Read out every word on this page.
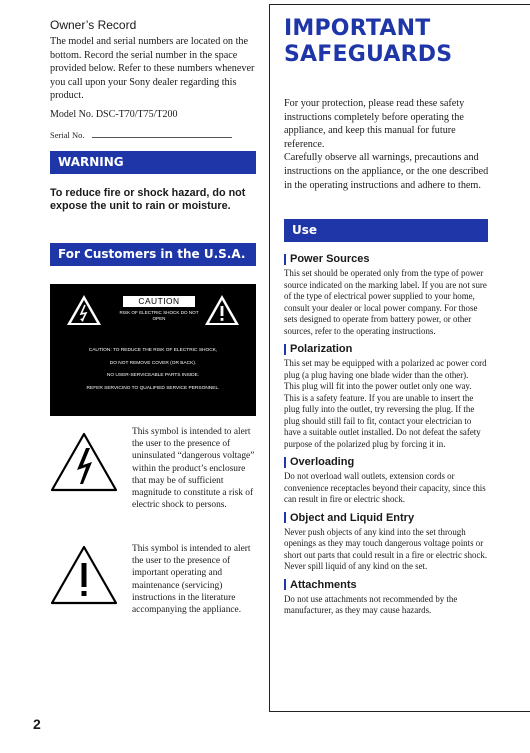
Owner’s Record
The model and serial numbers are located on the bottom. Record the serial number in the space provided below. Refer to these numbers whenever you call upon your Sony dealer regarding this product.
Model No. DSC-T70/T75/T200
Serial No.
WARNING
To reduce fire or shock hazard, do not expose the unit to rain or moisture.
For Customers in the U.S.A.
CAUTION
RISK OF ELECTRIC SHOCK DO NOT OPEN
CAUTION: TO REDUCE THE RISK OF ELECTRIC SHOCK,
DO NOT REMOVE COVER (OR BACK).
NO USER-SERVICEABLE PARTS INSIDE.
REFER SERVICING TO QUALIFIED SERVICE PERSONNEL.
This symbol is intended to alert the user to the presence of uninsulated “dangerous voltage” within the product’s enclosure that may be of sufficient magnitude to constitute a risk of electric shock to persons.
This symbol is intended to alert the user to the presence of important operating and maintenance (servicing) instructions in the literature accompanying the appliance.
2
IMPORTANT
SAFEGUARDS
For your protection, please read these safety instructions completely before operating the appliance, and keep this manual for future reference.
Carefully observe all warnings, precautions and instructions on the appliance, or the one described in the operating instructions and adhere to them.
Use
Power Sources
This set should be operated only from the type of power source indicated on the marking label. If you are not sure of the type of electrical power supplied to your home, consult your dealer or local power company. For those sets designed to operate from battery power, or other sources, refer to the operating instructions.
Polarization
This set may be equipped with a polarized ac power cord plug (a plug having one blade wider than the other).
This plug will fit into the power outlet only one way. This is a safety feature. If you are unable to insert the plug fully into the outlet, try reversing the plug. If the plug should still fail to fit, contact your electrician to have a suitable outlet installed. Do not defeat the safety purpose of the polarized plug by forcing it in.
Overloading
Do not overload wall outlets, extension cords or convenience receptacles beyond their capacity, since this can result in fire or electric shock.
Object and Liquid Entry
Never push objects of any kind into the set through openings as they may touch dangerous voltage points or short out parts that could result in a fire or electric shock. Never spill liquid of any kind on the set.
Attachments
Do not use attachments not recommended by the manufacturer, as they may cause hazards.
